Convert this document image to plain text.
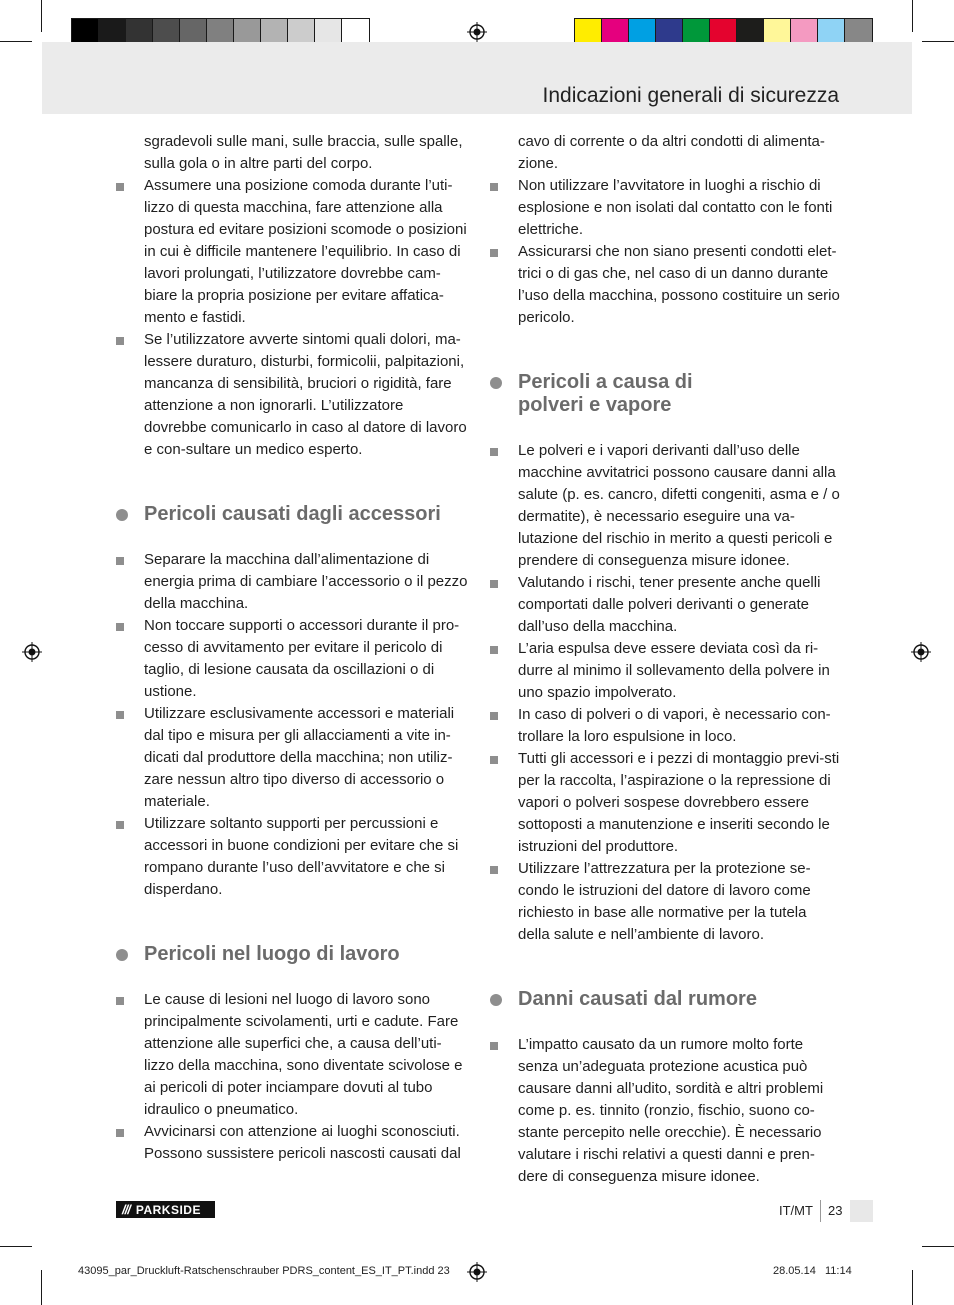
Indicazioni generali di sicurezza

sgradevoli sulle mani, sulle braccia, sulle spalle, sulla gola o in altre parti del corpo.

Assumere una posizione comoda durante l’uti-lizzo di questa macchina, fare attenzione alla postura ed evitare posizioni scomode o posizioni in cui è difficile mantenere l’equilibrio. In caso di lavori prolungati, l’utilizzatore dovrebbe cam-biare la propria posizione per evitare affatica-mento e fastidi.

Se l’utilizzatore avverte sintomi quali dolori, ma-lessere duraturo, disturbi, formicolii, palpitazioni, mancanza di sensibilità, bruciori o rigidità, fare attenzione a non ignorarli. L’utilizzatore dovrebbe comunicarlo in caso al datore di lavoro e con-sultare un medico esperto.

Pericoli causati dagli accessori

Separare la macchina dall’alimentazione di energia prima di cambiare l’accessorio o il pezzo della macchina.

Non toccare supporti o accessori durante il pro-cesso di avvitamento per evitare il pericolo di taglio, di lesione causata da oscillazioni o di ustione.

Utilizzare esclusivamente accessori e materiali dal tipo e misura per gli allacciamenti a vite in-dicati dal produttore della macchina; non utiliz-zare nessun altro tipo diverso di accessorio o materiale.

Utilizzare soltanto supporti per percussioni e accessori in buone condizioni per evitare che si rompano durante l’uso dell’avvitatore e che si disperdano.

Pericoli nel luogo di lavoro

Le cause di lesioni nel luogo di lavoro sono principalmente scivolamenti, urti e cadute. Fare attenzione alle superfici che, a causa dell’uti-lizzo della macchina, sono diventate scivolose e ai pericoli di poter inciampare dovuti al tubo idraulico o pneumatico.

Avvicinarsi con attenzione ai luoghi sconosciuti. Possono sussistere pericoli nascosti causati dal

cavo di corrente o da altri condotti di alimenta-zione.

Non utilizzare l’avvitatore in luoghi a rischio di esplosione e non isolati dal contatto con le fonti elettriche.

Assicurarsi che non siano presenti condotti elet-trici o di gas che, nel caso di un danno durante l’uso della macchina, possono costituire un serio pericolo.

Pericoli a causa di
polveri e vapore

Le polveri e i vapori derivanti dall’uso delle macchine avvitatrici possono causare danni alla salute (p. es. cancro, difetti congeniti, asma e / o dermatite), è necessario eseguire una va-lutazione del rischio in merito a questi pericoli e prendere di conseguenza misure idonee.

Valutando i rischi, tener presente anche quelli comportati dalle polveri derivanti o generate dall’uso della macchina.

L’aria espulsa deve essere deviata così da ri-durre al minimo il sollevamento della polvere in uno spazio impolverato.

In caso di polveri o di vapori, è necessario con-trollare la loro espulsione in loco.

Tutti gli accessori e i pezzi di montaggio previ-sti per la raccolta, l’aspirazione o la repressione di vapori o polveri sospese dovrebbero essere sottoposti a manutenzione e inseriti secondo le istruzioni del produttore.

Utilizzare l’attrezzatura per la protezione se-condo le istruzioni del datore di lavoro come richiesto in base alle normative per la tutela della salute e nell’ambiente di lavoro.

Danni causati dal rumore

L’impatto causato da un rumore molto forte senza un’adeguata protezione acustica può causare danni all’udito, sordità e altri problemi come p. es. tinnito (ronzio, fischio, suono co-stante percepito nelle orecchie). È necessario valutare i rischi relativi a questi danni e pren-dere di conseguenza misure idonee.

/// PARKSIDE	IT/MT 23
43095_par_Druckluft-Ratschenschrauber PDRS_content_ES_IT_PT.indd 23	28.05.14   11:14
